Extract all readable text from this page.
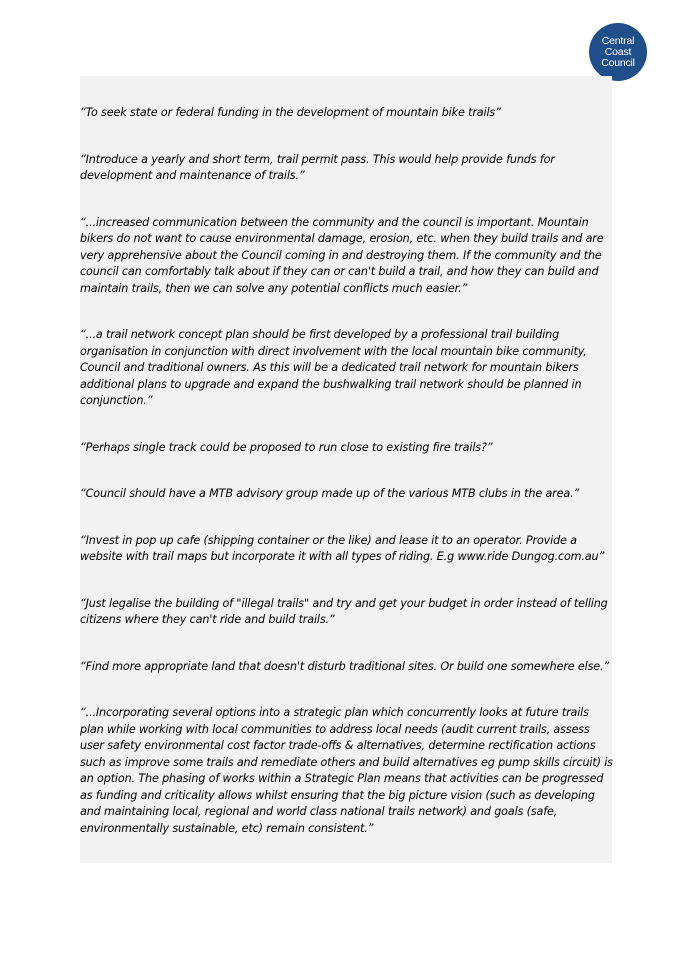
Central
Coast
Council

“To seek state or federal funding in the development of mountain bike trails”

“Introduce a yearly and short term, trail permit pass. This would help provide funds for development and maintenance of trails.”

“...increased communication between the community and the council is important. Mountain bikers do not want to cause environmental damage, erosion, etc. when they build trails and are very apprehensive about the Council coming in and destroying them. If the community and the council can comfortably talk about if they can or can't build a trail, and how they can build and maintain trails, then we can solve any potential conflicts much easier.”

“...a trail network concept plan should be first developed by a professional trail building organisation in conjunction with direct involvement with the local mountain bike community, Council and traditional owners. As this will be a dedicated trail network for mountain bikers additional plans to upgrade and expand the bushwalking trail network should be planned in conjunction.”

“Perhaps single track could be proposed to run close to existing fire trails?”

“Council should have a MTB advisory group made up of the various MTB clubs in the area.”

“Invest in pop up cafe (shipping container or the like) and lease it to an operator. Provide a website with trail maps but incorporate it with all types of riding. E.g www.ride Dungog.com.au”

“Just legalise the building of "illegal trails" and try and get your budget in order instead of telling citizens where they can't ride and build trails.”

“Find more appropriate land that doesn't disturb traditional sites. Or build one somewhere else.”

“...Incorporating several options into a strategic plan which concurrently looks at future trails plan while working with local communities to address local needs (audit current trails, assess user safety environmental cost factor trade-offs & alternatives, determine rectification actions such as improve some trails and remediate others and build alternatives eg pump skills circuit) is an option. The phasing of works within a Strategic Plan means that activities can be progressed as funding and criticality allows whilst ensuring that the big picture vision (such as developing and maintaining local, regional and world class national trails network) and goals (safe, environmentally sustainable, etc) remain consistent.”
